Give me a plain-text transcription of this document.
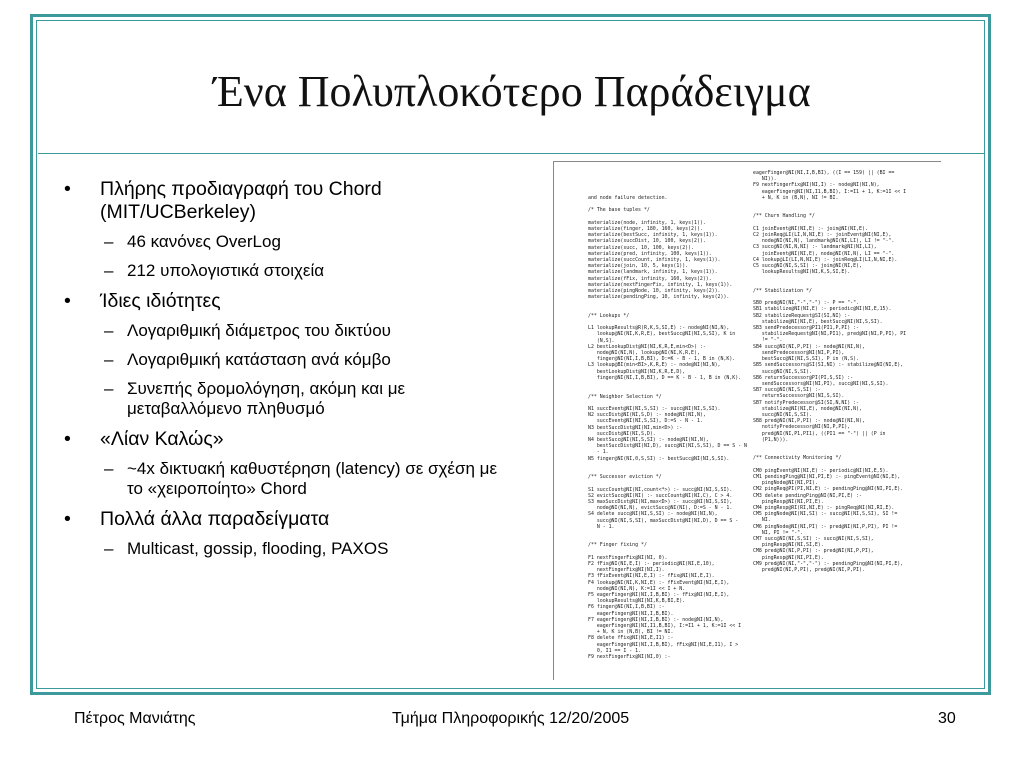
Ένα Πολυπλοκότερο Παράδειγμα
• Πλήρης προδιαγραφή του Chord (MIT/UCBerkeley)
– 46 κανόνες OverLog
– 212 υπολογιστικά στοιχεία
• Ίδιες ιδιότητες
– Λογαριθμική διάμετρος του δικτύου
– Λογαριθμική κατάσταση ανά κόμβο
– Συνεπής δρομολόγηση, ακόμη και με μεταβαλλόμενο πληθυσμό
• «Λίαν Καλώς»
– ~4x δικτυακή καθυστέρηση (latency) σε σχέση με το «χειροποίητο» Chord
• Πολλά άλλα παραδείγματα
– Multicast, gossip, flooding, PAXOS
and node failure detection.

/* The base tuples */

materialize(node, infinity, 1, keys(1)).
materialize(finger, 180, 160, keys(2)).
materialize(bestSucc, infinity, 1, keys(1)).
materialize(succDist, 10, 100, keys(2)).
materialize(succ, 10, 100, keys(2)).
materialize(pred, infinity, 100, keys(1)).
materialize(succCount, infinity, 1, keys(1)).
materialize(join, 10, 5, keys(1)).
materialize(landmark, infinity, 1, keys(1)).
materialize(fFix, infinity, 160, keys(2)).
materialize(nextFingerFix, infinity, 1, keys(1)).
materialize(pingNode, 10, infinity, keys(2)).
materialize(pendingPing, 10, infinity, keys(2)).

/** Lookups */

L1 lookupResults@R(R,K,S,SI,E) :- node@NI(NI,N),
lookup@NI(NI,K,R,E), bestSucc@NI(NI,S,SI), K in
(N,S].
L2 bestLookupDist@NI(NI,K,R,E,min<D>) :-
node@NI(NI,N), lookup@NI(NI,K,R,E),
finger@NI(NI,I,B,BI), D:=K - B - 1, B in (N,K).
L3 lookup@BI(min<BI>,K,R,E) :- node@NI(NI,N),
bestLookupDist@NI(NI,K,R,E,D),
finger@NI(NI,I,B,BI), D == K - B - 1, B in (N,K).

/** Neighbor Selection */

N1 succEvent@NI(NI,S,SI) :- succ@NI(NI,S,SI).
N2 succDist@NI(NI,S,D) :- node@NI(NI,N),
succEvent@NI(NI,S,SI), D:=S - N - 1.
N3 bestSuccDist@NI(NI,min<D>) :-
succDist@NI(NI,S,D).
N4 bestSucc@NI(NI,S,SI) :- node@NI(NI,N),
bestSuccDist@NI(NI,D), succ@NI(NI,S,SI), D == S - N
- 1.
N5 finger@NI(NI,0,S,SI) :- bestSucc@NI(NI,S,SI).

/** Successor eviction */

S1 succCount@NI(NI,count<*>) :- succ@NI(NI,S,SI).
S2 evictSucc@NI(NI) :- succCount@NI(NI,C), C > 4.
S3 maxSuccDist@NI(NI,max<D>) :- succ@NI(NI,S,SI),
node@NI(NI,N), evictSucc@NI(NI), D:=S - N - 1.
S4 delete succ@NI(NI,S,SI) :- node@NI(NI,N),
succ@NI(NI,S,SI), maxSuccDist@NI(NI,D), D == S -
N - 1.

/** Finger fixing */

F1 nextFingerFix@NI(NI, 0).
F2 fFix@NI(NI,E,I) :- periodic@NI(NI,E,10),
nextFingerFix@NI(NI,I).
F3 fFixEvent@NI(NI,E,I) :- fFix@NI(NI,E,I).
F4 lookup@NI(NI,K,NI,E) :- fFixEvent@NI(NI,E,I),
node@NI(NI,N), K:=1I << I + N.
F5 eagerFinger@NI(NI,I,B,BI) :- fFix@NI(NI,E,I),
lookupResults@NI(NI,K,B,BI,E).
F6 finger@NI(NI,I,B,BI) :-
eagerFinger@NI(NI,I,B,BI).
F7 eagerFinger@NI(NI,I,B,BI) :- node@NI(NI,N),
eagerFinger@NI(NI,I1,B,BI), I:=I1 + 1, K:=1I << I
+ N, K in (N,B), BI != NI.
F8 delete fFix@NI(NI,E,I1) :-
eagerFinger@NI(NI,I,B,BI), fFix@NI(NI,E,I1), I >
0, I1 == I - 1.
F9 nextFingerFix@NI(NI,0) :-
eagerFinger@NI(NI,I,B,BI), ((I == 159) || (BI ==
NI)).
F9 nextFingerFix@NI(NI,I) :- node@NI(NI,N),
eagerFinger@NI(NI,I1,B,BI), I:=I1 + 1, K:=1I << I
+ N, K in (B,N), NI != BI.

/** Churn Handling */

C1 joinEvent@NI(NI,E) :- join@NI(NI,E).
C2 joinReq@LI(LI,N,NI,E) :- joinEvent@NI(NI,E),
node@NI(NI,N), landmark@NI(NI,LI), LI != "-".
C3 succ@NI(NI,N,NI) :- landmark@NI(NI,LI),
joinEvent@NI(NI,E), node@NI(NI,N), LI == "-".
C4 lookup@LI(LI,N,NI,E) :- joinReq@LI(LI,N,NI,E).
C5 succ@NI(NI,S,SI) :- join@NI(NI,E),
lookupResults@NI(NI,K,S,SI,E).

/** Stabilization */

SB0 pred@NI(NI,"-","-") :- P == "-".
SB1 stabilize@NI(NI,E) :- periodic@NI(NI,E,15).
SB2 stabilizeRequest@SI(SI,NI) :-
stabilize@NI(NI,E), bestSucc@NI(NI,S,SI).
SB3 sendPredecessor@PI1(PI1,P,PI) :-
stabilizeRequest@NI(NI,PI1), pred@NI(NI,P,PI), PI
!= "-".
SB4 succ@NI(NI,P,PI) :- node@NI(NI,N),
sendPredecessor@NI(NI,P,PI),
bestSucc@NI(NI,S,SI), P in (N,S).
SB5 sendSuccessors@SI(SI,NI) :- stabilize@NI(NI,E),
succ@NI(NI,S,SI).
SB6 returnSuccessor@PI(PI,S,SI) :-
sendSuccessors@NI(NI,PI), succ@NI(NI,S,SI).
SB7 succ@NI(NI,S,SI) :-
returnSuccessor@NI(NI,S,SI).
SB7 notifyPredecessor@SI(SI,N,NI) :-
stabilize@NI(NI,E), node@NI(NI,N),
succ@NI(NI,S,SI).
SB8 pred@NI(NI,P,PI) :- node@NI(NI,N),
notifyPredecessor@NI(NI,P,PI),
pred@NI(NI,P1,PI1), ((PI1 == "-") || (P in
(P1,N))).

/** Connectivity Monitoring */

CM0 pingEvent@NI(NI,E) :- periodic@NI(NI,E,5).
CM1 pendingPing@NI(NI,PI,E) :- pingEvent@NI(NI,E),
pingNode@NI(NI,PI).
CM2 pingReq@PI(PI,NI,E) :- pendingPing@NI(NI,PI,E).
CM3 delete pendingPing@NI(NI,PI,E) :-
pingResp@NI(NI,PI,E).
CM4 pingResp@RI(RI,NI,E) :- pingReq@NI(NI,RI,E).
CM5 pingNode@NI(NI,SI) :- succ@NI(NI,S,SI), SI !=
NI.
CM6 pingNode@NI(NI,PI) :- pred@NI(NI,P,PI), PI !=
NI, PI != "-".
CM7 succ@NI(NI,S,SI) :- succ@NI(NI,S,SI),
pingResp@NI(NI,SI,E).
CM8 pred@NI(NI,P,PI) :- pred@NI(NI,P,PI),
pingResp@NI(NI,PI,E).
CM9 pred@NI(NI,"-","-") :- pendingPing@NI(NI,PI,E),
pred@NI(NI,P,PI), pred@NI(NI,P,PI).
Πέτρος Μανιάτης	Τμήμα Πληροφορικής 12/20/2005	30
